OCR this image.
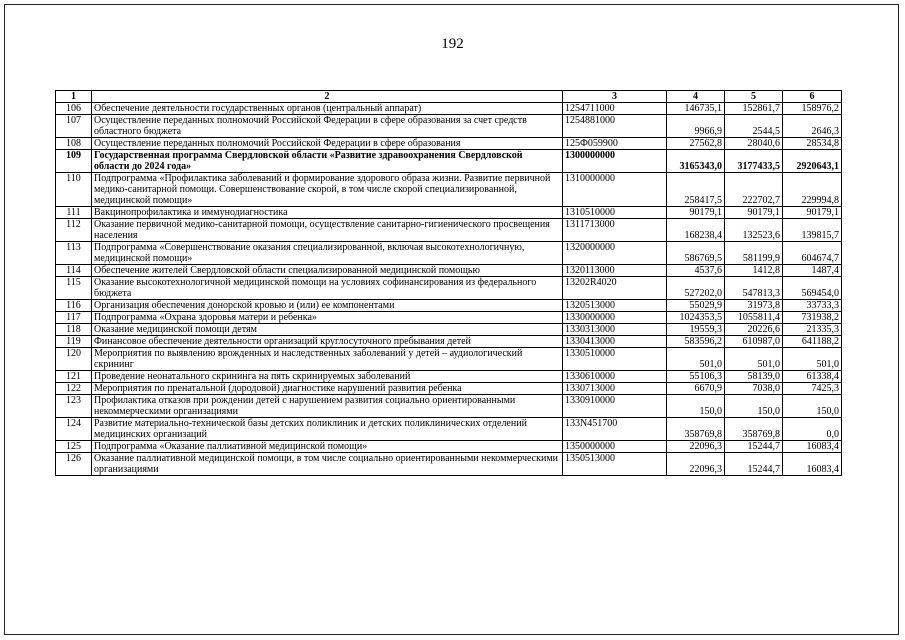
192
1	2	3	4	5	6
106	Обеспечение деятельности государственных органов (центральный аппарат)	1254711000	146735,1	152861,7	158976,2
107	Осуществление переданных полномочий Российской Федерации в сфере образования за счет средств областного бюджета	1254881000	9966,9	2544,5	2646,3
108	Осуществление переданных полномочий Российской Федерации в сфере образования	125Ф059900	27562,8	28040,6	28534,8
109	Государственная программа Свердловской области «Развитие здравоохранения Свердловской области до 2024 года»	1300000000	3165343,0	3177433,5	2920643,1
110	Подпрограмма «Профилактика заболеваний и формирование здорового образа жизни. Развитие первичной медико-санитарной помощи. Совершенствование скорой, в том числе скорой специализированной, медицинской помощи»	1310000000	258417,5	222702,7	229994,8
111	Вакцинопрофилактика и иммунодиагностика	1310510000	90179,1	90179,1	90179,1
112	Оказание первичной медико-санитарной помощи, осуществление санитарно-гигиенического просвещения населения	1311713000	168238,4	132523,6	139815,7
113	Подпрограмма «Совершенствование оказания специализированной, включая высокотехнологичную, медицинской помощи»	1320000000	586769,5	581199,9	604674,7
114	Обеспечение жителей Свердловской области специализированной медицинской помощью	1320113000	4537,6	1412,8	1487,4
115	Оказание высокотехнологичной медицинской помощи на условиях софинансирования из федерального бюджета	13202R4020	527202,0	547813,3	569454,0
116	Организация обеспечения донорской кровью и (или) ее компонентами	1320513000	55029,9	31973,8	33733,3
117	Подпрограмма «Охрана здоровья матери и ребенка»	1330000000	1024353,5	1055811,4	731938,2
118	Оказание медицинской помощи детям	1330313000	19559,3	20226,6	21335,3
119	Финансовое обеспечение деятельности организаций круглосуточного пребывания детей	1330413000	583596,2	610987,0	641188,2
120	Мероприятия по выявлению врожденных и наследственных заболеваний у детей – аудиологический скрининг	1330510000	501,0	501,0	501,0
121	Проведение неонатального скрининга на пять скринируемых заболеваний	1330610000	55106,3	58139,0	61338,4
122	Мероприятия по пренатальной (дородовой) диагностике нарушений развития ребенка	1330713000	6670,9	7038,0	7425,3
123	Профилактика отказов при рождении детей с нарушением развития социально ориентированными некоммерческими организациями	1330910000	150,0	150,0	150,0
124	Развитие материально-технической базы детских поликлиник и детских поликлинических отделений медицинских организаций	133N451700	358769,8	358769,8	0,0
125	Подпрограмма «Оказание паллиативной медицинской помощи»	1350000000	22096,3	15244,7	16083,4
126	Оказание паллиативной медицинской помощи, в том числе социально ориентированными некоммерческими организациями	1350513000	22096,3	15244,7	16083,4
